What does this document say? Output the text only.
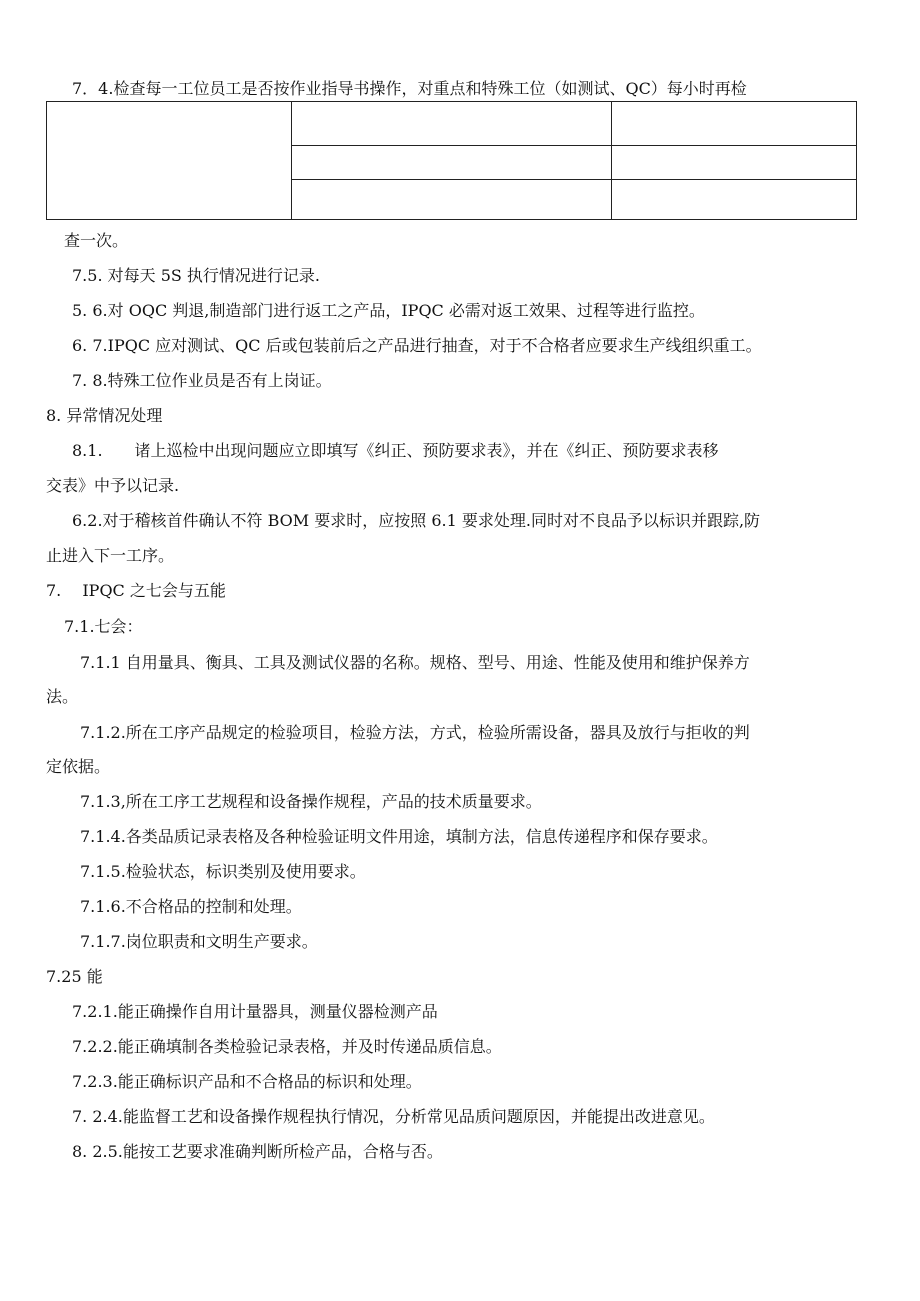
7．4.检查每一工位员工是否按作业指导书操作，对重点和特殊工位（如测试、QC）每小时再检

查一次。
7.5. 对每天 5S 执行情况进行记录.
5. 6.对 OQC 判退,制造部门进行返工之产品，IPQC 必需对返工效果、过程等进行监控。
6. 7.IPQC 应对测试、QC 后或包装前后之产品进行抽查，对于不合格者应要求生产线组织重工。
7. 8.特殊工位作业员是否有上岗证。
8. 异常情况处理
8.1.　　诸上巡检中出现问题应立即填写《纠正、预防要求表》，并在《纠正、预防要求表移
交表》中予以记录.
6.2.对于稽核首件确认不符 BOM 要求时，应按照 6.1 要求处理.同时对不良品予以标识并跟踪,防
止进入下一工序。
7.　 IPQC 之七会与五能
7.1.七会：
7.1.1 自用量具、衡具、工具及测试仪器的名称。规格、型号、用途、性能及使用和维护保养方
法。
7.1.2.所在工序产品规定的检验项目，检验方法，方式，检验所需设备，器具及放行与拒收的判
定依据。
7.1.3,所在工序工艺规程和设备操作规程，产品的技术质量要求。
7.1.4.各类品质记录表格及各种检验证明文件用途，填制方法，信息传递程序和保存要求。
7.1.5.检验状态，标识类别及使用要求。
7.1.6.不合格品的控制和处理。
7.1.7.岗位职责和文明生产要求。
7.25 能
7.2.1.能正确操作自用计量器具，测量仪器检测产品
7.2.2.能正确填制各类检验记录表格，并及时传递品质信息。
7.2.3.能正确标识产品和不合格品的标识和处理。
7. 2.4.能监督工艺和设备操作规程执行情况，分析常见品质问题原因，并能提出改进意见。
8. 2.5.能按工艺要求准确判断所检产品，合格与否。
